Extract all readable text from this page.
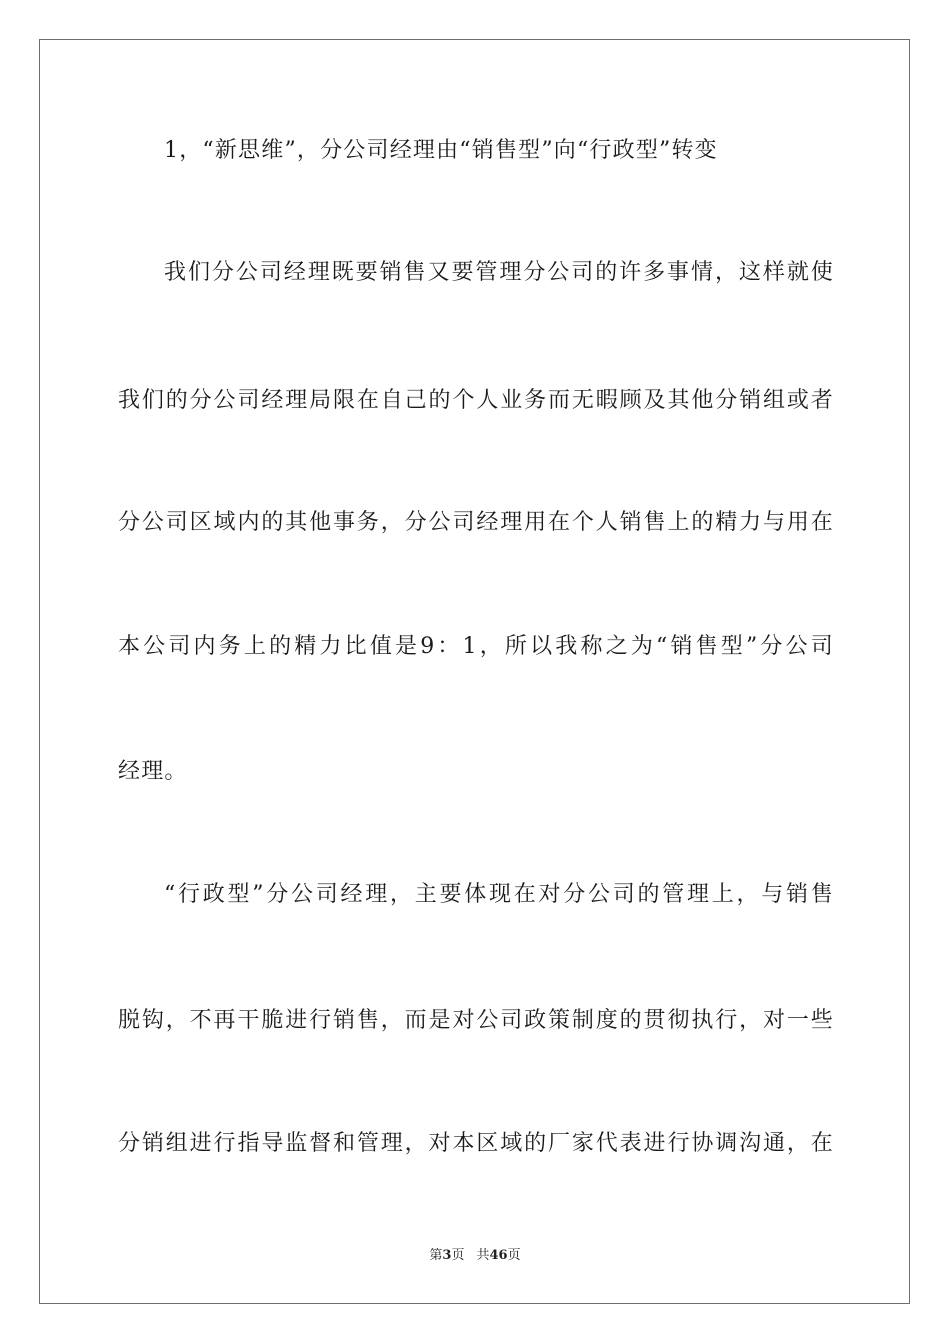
1，“新思维”，分公司经理由“销售型”向“行政型”转变
我们分公司经理既要销售又要管理分公司的许多事情，这样就使
我们的分公司经理局限在自己的个人业务而无暇顾及其他分销组或者
分公司区域内的其他事务，分公司经理用在个人销售上的精力与用在
本公司内务上的精力比值是9：1，所以我称之为“销售型”分公司
经理。
“行政型”分公司经理，主要体现在对分公司的管理上，与销售
脱钩，不再干脆进行销售，而是对公司政策制度的贯彻执行，对一些
分销组进行指导监督和管理，对本区域的厂家代表进行协调沟通，在
第3页 共46页
